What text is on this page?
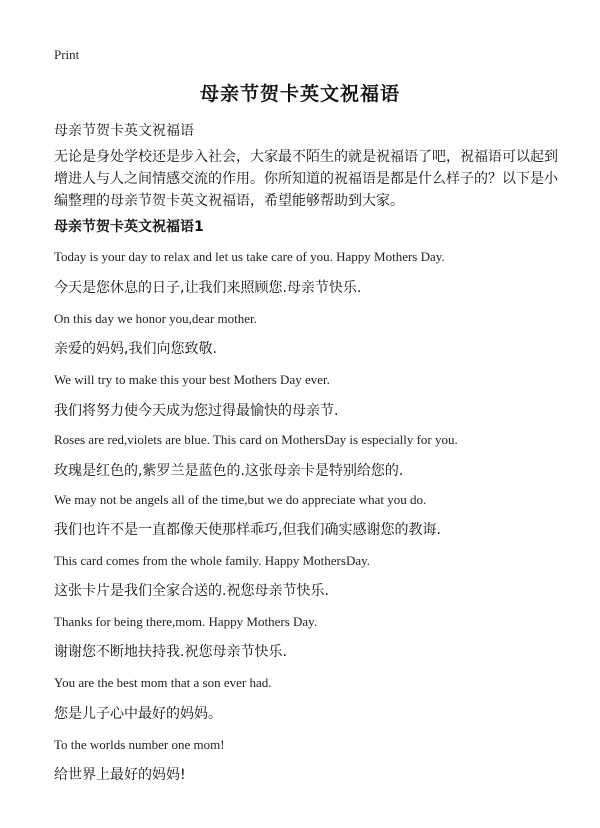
Print
母亲节贺卡英文祝福语
母亲节贺卡英文祝福语
无论是身处学校还是步入社会，大家最不陌生的就是祝福语了吧，祝福语可以起到
增进人与人之间情感交流的作用。你所知道的祝福语是都是什么样子的？以下是小
编整理的母亲节贺卡英文祝福语，希望能够帮助到大家。
母亲节贺卡英文祝福语1
Today is your day to relax and let us take care of you. Happy Mothers Day.
今天是您休息的日子,让我们来照顾您.母亲节快乐.
On this day we honor you,dear mother.
亲爱的妈妈,我们向您致敬.
We will try to make this your best Mothers Day ever.
我们将努力使今天成为您过得最愉快的母亲节.
Roses are red,violets are blue. This card on MothersDay is especially for you.
玫瑰是红色的,紫罗兰是蓝色的.这张母亲卡是特别给您的.
We may not be angels all of the time,but we do appreciate what you do.
我们也许不是一直都像天使那样乖巧,但我们确实感谢您的教诲.
This card comes from the whole family. Happy MothersDay.
这张卡片是我们全家合送的.祝您母亲节快乐.
Thanks for being there,mom. Happy Mothers Day.
谢谢您不断地扶持我.祝您母亲节快乐.
You are the best mom that a son ever had.
您是儿子心中最好的妈妈。
To the worlds number one mom!
给世界上最好的妈妈!
